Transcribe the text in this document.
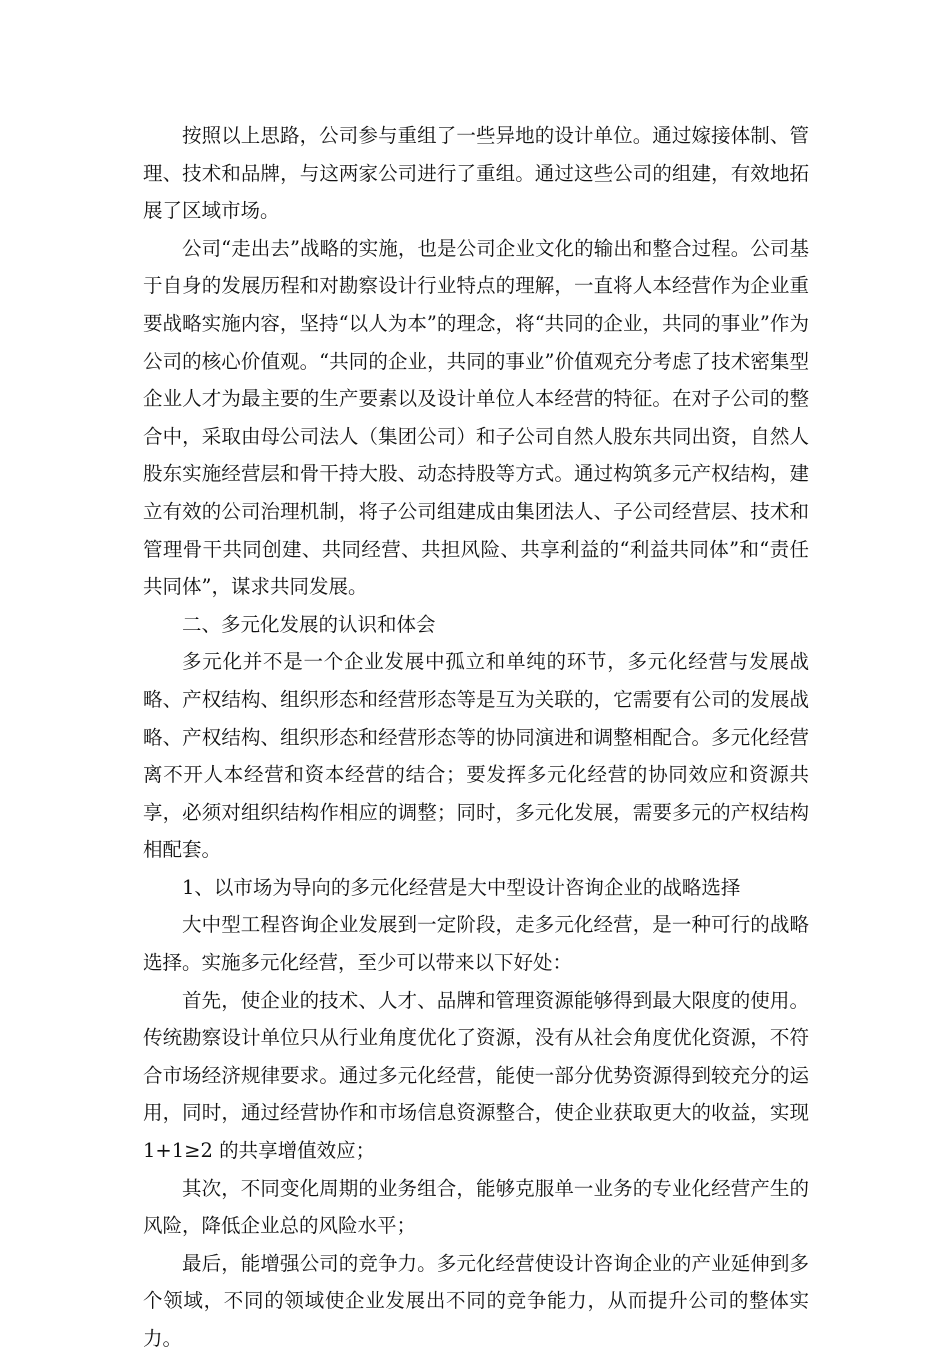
按照以上思路，公司参与重组了一些异地的设计单位。通过嫁接体制、管理、技术和品牌，与这两家公司进行了重组。通过这些公司的组建，有效地拓展了区域市场。

公司“走出去”战略的实施，也是公司企业文化的输出和整合过程。公司基于自身的发展历程和对勘察设计行业特点的理解，一直将人本经营作为企业重要战略实施内容，坚持“以人为本”的理念，将“共同的企业，共同的事业”作为公司的核心价值观。“共同的企业，共同的事业”价值观充分考虑了技术密集型企业人才为最主要的生产要素以及设计单位人本经营的特征。在对子公司的整合中，采取由母公司法人（集团公司）和子公司自然人股东共同出资，自然人股东实施经营层和骨干持大股、动态持股等方式。通过构筑多元产权结构，建立有效的公司治理机制，将子公司组建成由集团法人、子公司经营层、技术和管理骨干共同创建、共同经营、共担风险、共享利益的“利益共同体”和“责任共同体”，谋求共同发展。

二、多元化发展的认识和体会

多元化并不是一个企业发展中孤立和单纯的环节，多元化经营与发展战略、产权结构、组织形态和经营形态等是互为关联的，它需要有公司的发展战略、产权结构、组织形态和经营形态等的协同演进和调整相配合。多元化经营离不开人本经营和资本经营的结合；要发挥多元化经营的协同效应和资源共享，必须对组织结构作相应的调整；同时，多元化发展，需要多元的产权结构相配套。

1、以市场为导向的多元化经营是大中型设计咨询企业的战略选择

大中型工程咨询企业发展到一定阶段，走多元化经营，是一种可行的战略选择。实施多元化经营，至少可以带来以下好处：

首先，使企业的技术、人才、品牌和管理资源能够得到最大限度的使用。传统勘察设计单位只从行业角度优化了资源，没有从社会角度优化资源，不符合市场经济规律要求。通过多元化经营，能使一部分优势资源得到较充分的运用，同时，通过经营协作和市场信息资源整合，使企业获取更大的收益，实现 1+1≥2 的共享增值效应；

其次，不同变化周期的业务组合，能够克服单一业务的专业化经营产生的风险，降低企业总的风险水平；

最后，能增强公司的竞争力。多元化经营使设计咨询企业的产业延伸到多个领域，不同的领域使企业发展出不同的竞争能力，从而提升公司的整体实力。
